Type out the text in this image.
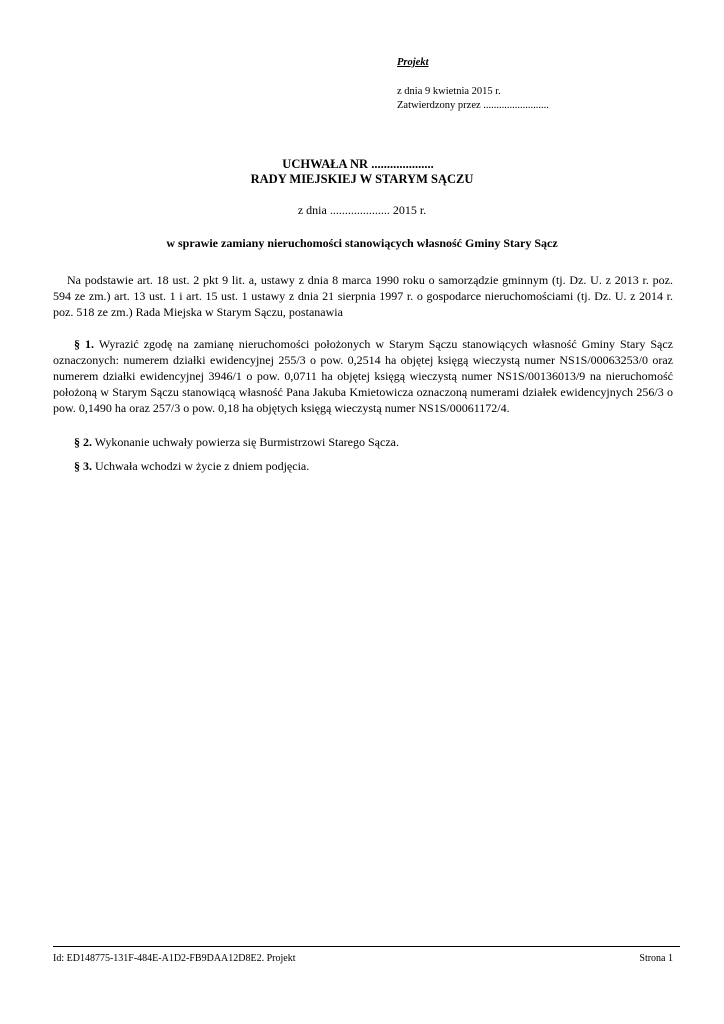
Projekt
z dnia 9 kwietnia 2015 r.
Zatwierdzony przez .........................
UCHWAŁA NR ....................
RADY MIEJSKIEJ W STARYM SĄCZU
z dnia .................... 2015 r.
w sprawie zamiany nieruchomości stanowiących własność Gminy Stary Sącz
Na podstawie art. 18 ust. 2 pkt 9 lit. a, ustawy z dnia 8 marca 1990 roku o samorządzie gminnym (tj. Dz. U. z 2013 r. poz. 594 ze zm.) art. 13 ust. 1 i art. 15 ust. 1 ustawy z dnia 21 sierpnia 1997 r. o gospodarce nieruchomościami (tj. Dz. U. z 2014 r. poz. 518 ze zm.) Rada Miejska w Starym Sączu, postanawia
§ 1. Wyrazić zgodę na zamianę nieruchomości położonych w Starym Sączu stanowiących własność Gminy Stary Sącz oznaczonych: numerem działki ewidencyjnej 255/3 o pow. 0,2514 ha objętej księgą wieczystą numer NS1S/00063253/0 oraz numerem działki ewidencyjnej 3946/1 o pow. 0,0711 ha objętej księgą wieczystą numer NS1S/00136013/9 na nieruchomość położoną w Starym Sączu stanowiącą własność Pana Jakuba Kmietowicza oznaczoną numerami działek ewidencyjnych 256/3 o pow. 0,1490 ha oraz 257/3 o pow. 0,18 ha objętych księgą wieczystą numer NS1S/00061172/4.
§ 2. Wykonanie uchwały powierza się Burmistrzowi Starego Sącza.
§ 3. Uchwała wchodzi w życie z dniem podjęcia.
Id: ED148775-131F-484E-A1D2-FB9DAA12D8E2. Projekt	Strona 1
